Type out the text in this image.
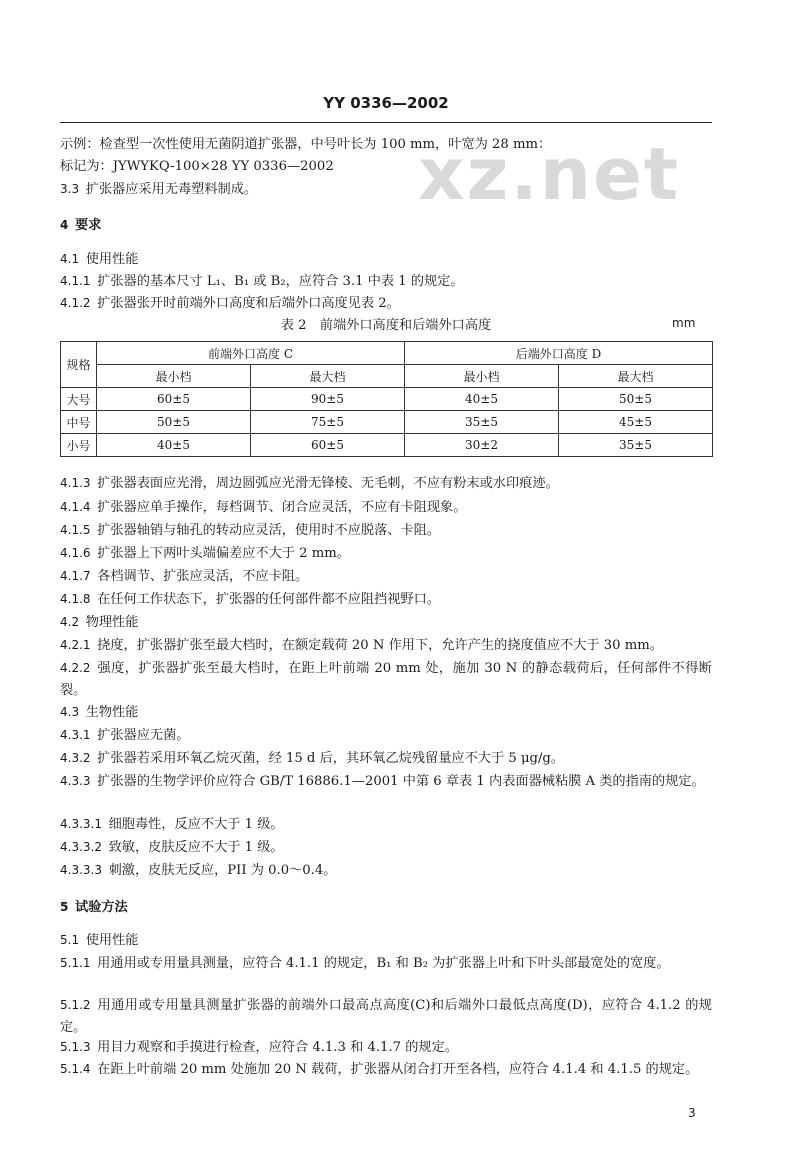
YY 0336—2002
xz.net
示例：检查型一次性使用无菌阴道扩张器，中号叶长为 100 mm，叶宽为 28 mm：
标记为：JYWYKQ-100×28 YY 0336—2002
3.3  扩张器应采用无毒塑料制成。
4  要求
4.1  使用性能
4.1.1  扩张器的基本尺寸 L₁、B₁ 或 B₂，应符合 3.1 中表 1 的规定。
4.1.2  扩张器张开时前端外口高度和后端外口高度见表 2。
表 2　前端外口高度和后端外口高度	mm
规格	前端外口高度 C		后端外口高度 D	
	最小档	最大档	最小档	最大档
大号	60±5	90±5	40±5	50±5
中号	50±5	75±5	35±5	45±5
小号	40±5	60±5	30±2	35±5
4.1.3  扩张器表面应光滑，周边圆弧应光滑无锋棱、无毛刺，不应有粉末或水印痕迹。
4.1.4  扩张器应单手操作，每档调节、闭合应灵活，不应有卡阻现象。
4.1.5  扩张器轴销与轴孔的转动应灵活，使用时不应脱落、卡阻。
4.1.6  扩张器上下两叶头端偏差应不大于 2 mm。
4.1.7  各档调节、扩张应灵活，不应卡阻。
4.1.8  在任何工作状态下，扩张器的任何部件都不应阻挡视野口。
4.2  物理性能
4.2.1  挠度，扩张器扩张至最大档时，在额定载荷 20 N 作用下，允许产生的挠度值应不大于 30 mm。
4.2.2  强度，扩张器扩张至最大档时，在距上叶前端 20 mm 处，施加 30 N 的静态载荷后，任何部件不得断裂。
4.3  生物性能
4.3.1  扩张器应无菌。
4.3.2  扩张器若采用环氧乙烷灭菌，经 15 d 后，其环氧乙烷残留量应不大于 5 μg/g。
4.3.3  扩张器的生物学评价应符合 GB/T 16886.1—2001 中第 6 章表 1 内表面器械粘膜 A 类的指南的规定。
4.3.3.1  细胞毒性，反应不大于 1 级。
4.3.3.2  致敏，皮肤反应不大于 1 级。
4.3.3.3  刺激，皮肤无反应，PII 为 0.0～0.4。
5  试验方法
5.1  使用性能
5.1.1  用通用或专用量具测量，应符合 4.1.1 的规定，B₁ 和 B₂ 为扩张器上叶和下叶头部最宽处的宽度。
5.1.2  用通用或专用量具测量扩张器的前端外口最高点高度(C)和后端外口最低点高度(D)，应符合 4.1.2 的规定。
5.1.3  用目力观察和手摸进行检查，应符合 4.1.3 和 4.1.7 的规定。
5.1.4  在距上叶前端 20 mm 处施加 20 N 载荷，扩张器从闭合打开至各档，应符合 4.1.4 和 4.1.5 的规定。
3
